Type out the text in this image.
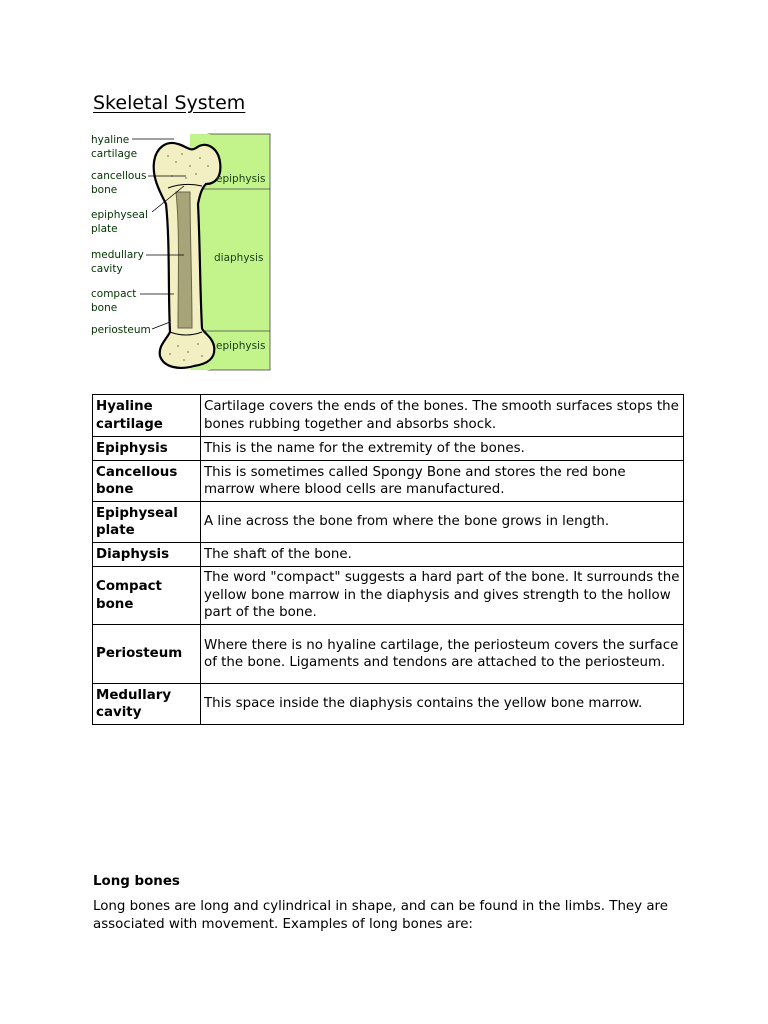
Skeletal System
hyaline
cartilage
cancellous
bone
epiphyseal
plate
medullary
cavity
compact
bone
periosteum
epiphysis
diaphysis
epiphysis
Hyaline cartilage	Cartilage covers the ends of the bones. The smooth surfaces stops the bones rubbing together and absorbs shock.
Epiphysis	This is the name for the extremity of the bones.
Cancellous bone	This is sometimes called Spongy Bone and stores the red bone marrow where blood cells are manufactured.
Epiphyseal plate	A line across the bone from where the bone grows in length.
Diaphysis	The shaft of the bone.
Compact bone	The word "compact" suggests a hard part of the bone. It surrounds the yellow bone marrow in the diaphysis and gives strength to the hollow part of the bone.
Periosteum	Where there is no hyaline cartilage, the periosteum covers the surface of the bone. Ligaments and tendons are attached to the periosteum.
Medullary cavity	This space inside the diaphysis contains the yellow bone marrow.
Long bones

Long bones are long and cylindrical in shape, and can be found in the limbs. They are associated with movement. Examples of long bones are:
